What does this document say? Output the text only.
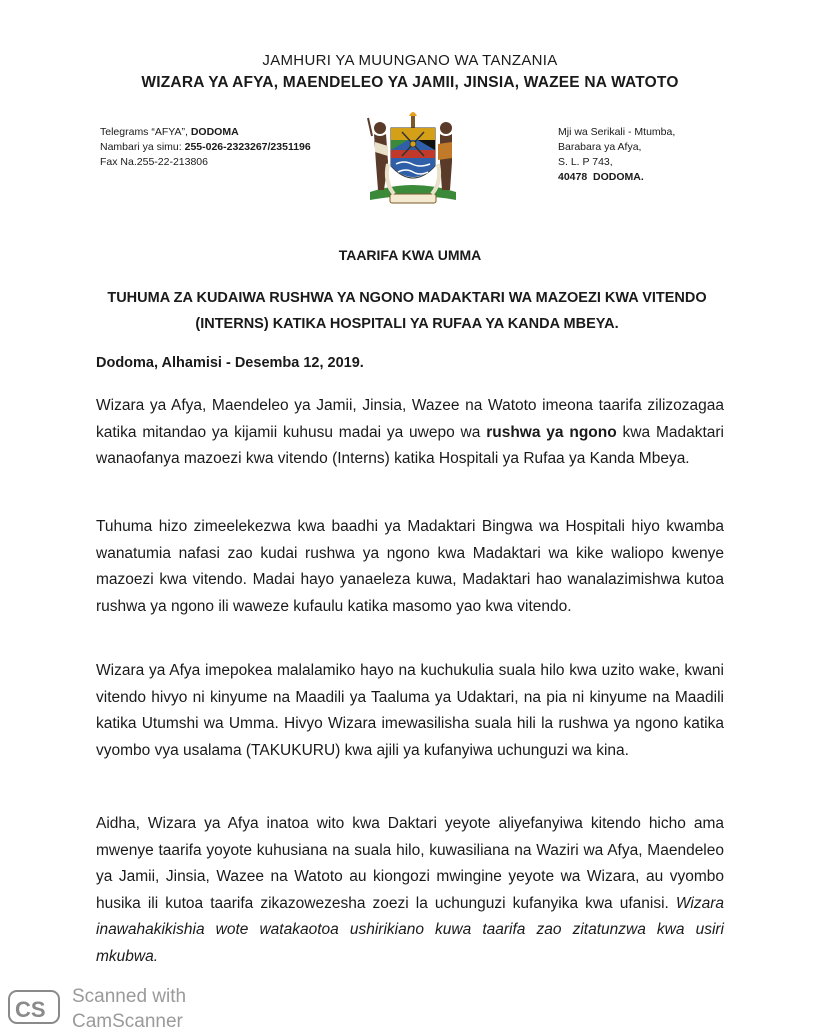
JAMHURI YA MUUNGANO WA TANZANIA
WIZARA YA AFYA, MAENDELEO YA JAMII, JINSIA, WAZEE NA WATOTO
Telegrams “AFYA”, DODOMA
Nambari ya simu: 255-026-2323267/2351196
Fax Na.255-22-213806
Mji wa Serikali - Mtumba,
Barabara ya Afya,
S. L. P 743,
40478 DODOMA.
TAARIFA KWA UMMA
TUHUMA ZA KUDAIWA RUSHWA YA NGONO MADAKTARI WA MAZOEZI KWA VITENDO (INTERNS) KATIKA HOSPITALI YA RUFAA YA KANDA MBEYA.
Dodoma, Alhamisi - Desemba 12, 2019.
Wizara ya Afya, Maendeleo ya Jamii, Jinsia, Wazee na Watoto imeona taarifa zilizozagaa katika mitandao ya kijamii kuhusu madai ya uwepo wa rushwa ya ngono kwa Madaktari wanaofanya mazoezi kwa vitendo (Interns) katika Hospitali ya Rufaa ya Kanda Mbeya.
Tuhuma hizo zimeelekezwa kwa baadhi ya Madaktari Bingwa wa Hospitali hiyo kwamba wanatumia nafasi zao kudai rushwa ya ngono kwa Madaktari wa kike waliopo kwenye mazoezi kwa vitendo. Madai hayo yanaeleza kuwa, Madaktari hao wanalazimishwa kutoa rushwa ya ngono ili waweze kufaulu katika masomo yao kwa vitendo.
Wizara ya Afya imepokea malalamiko hayo na kuchukulia suala hilo kwa uzito wake, kwani vitendo hivyo ni kinyume na Maadili ya Taaluma ya Udaktari, na pia ni kinyume na Maadili katika Utumshi wa Umma. Hivyo Wizara imewasilisha suala hili la rushwa ya ngono katika vyombo vya usalama (TAKUKURU) kwa ajili ya kufanyiwa uchunguzi wa kina.
Aidha, Wizara ya Afya inatoa wito kwa Daktari yeyote aliyefanyiwa kitendo hicho ama mwenye taarifa yoyote kuhusiana na suala hilo, kuwasiliana na Waziri wa Afya, Maendeleo ya Jamii, Jinsia, Wazee na Watoto au kiongozi mwingine yeyote wa Wizara, au vyombo husika ili kutoa taarifa zikazowezesha zoezi la uchunguzi kufanyika kwa ufanisi. Wizara inawahakikishia wote watakaotoa ushirikiano kuwa taarifa zao zitatunzwa kwa usiri mkubwa.
CS
Scanned with
CamScanner
